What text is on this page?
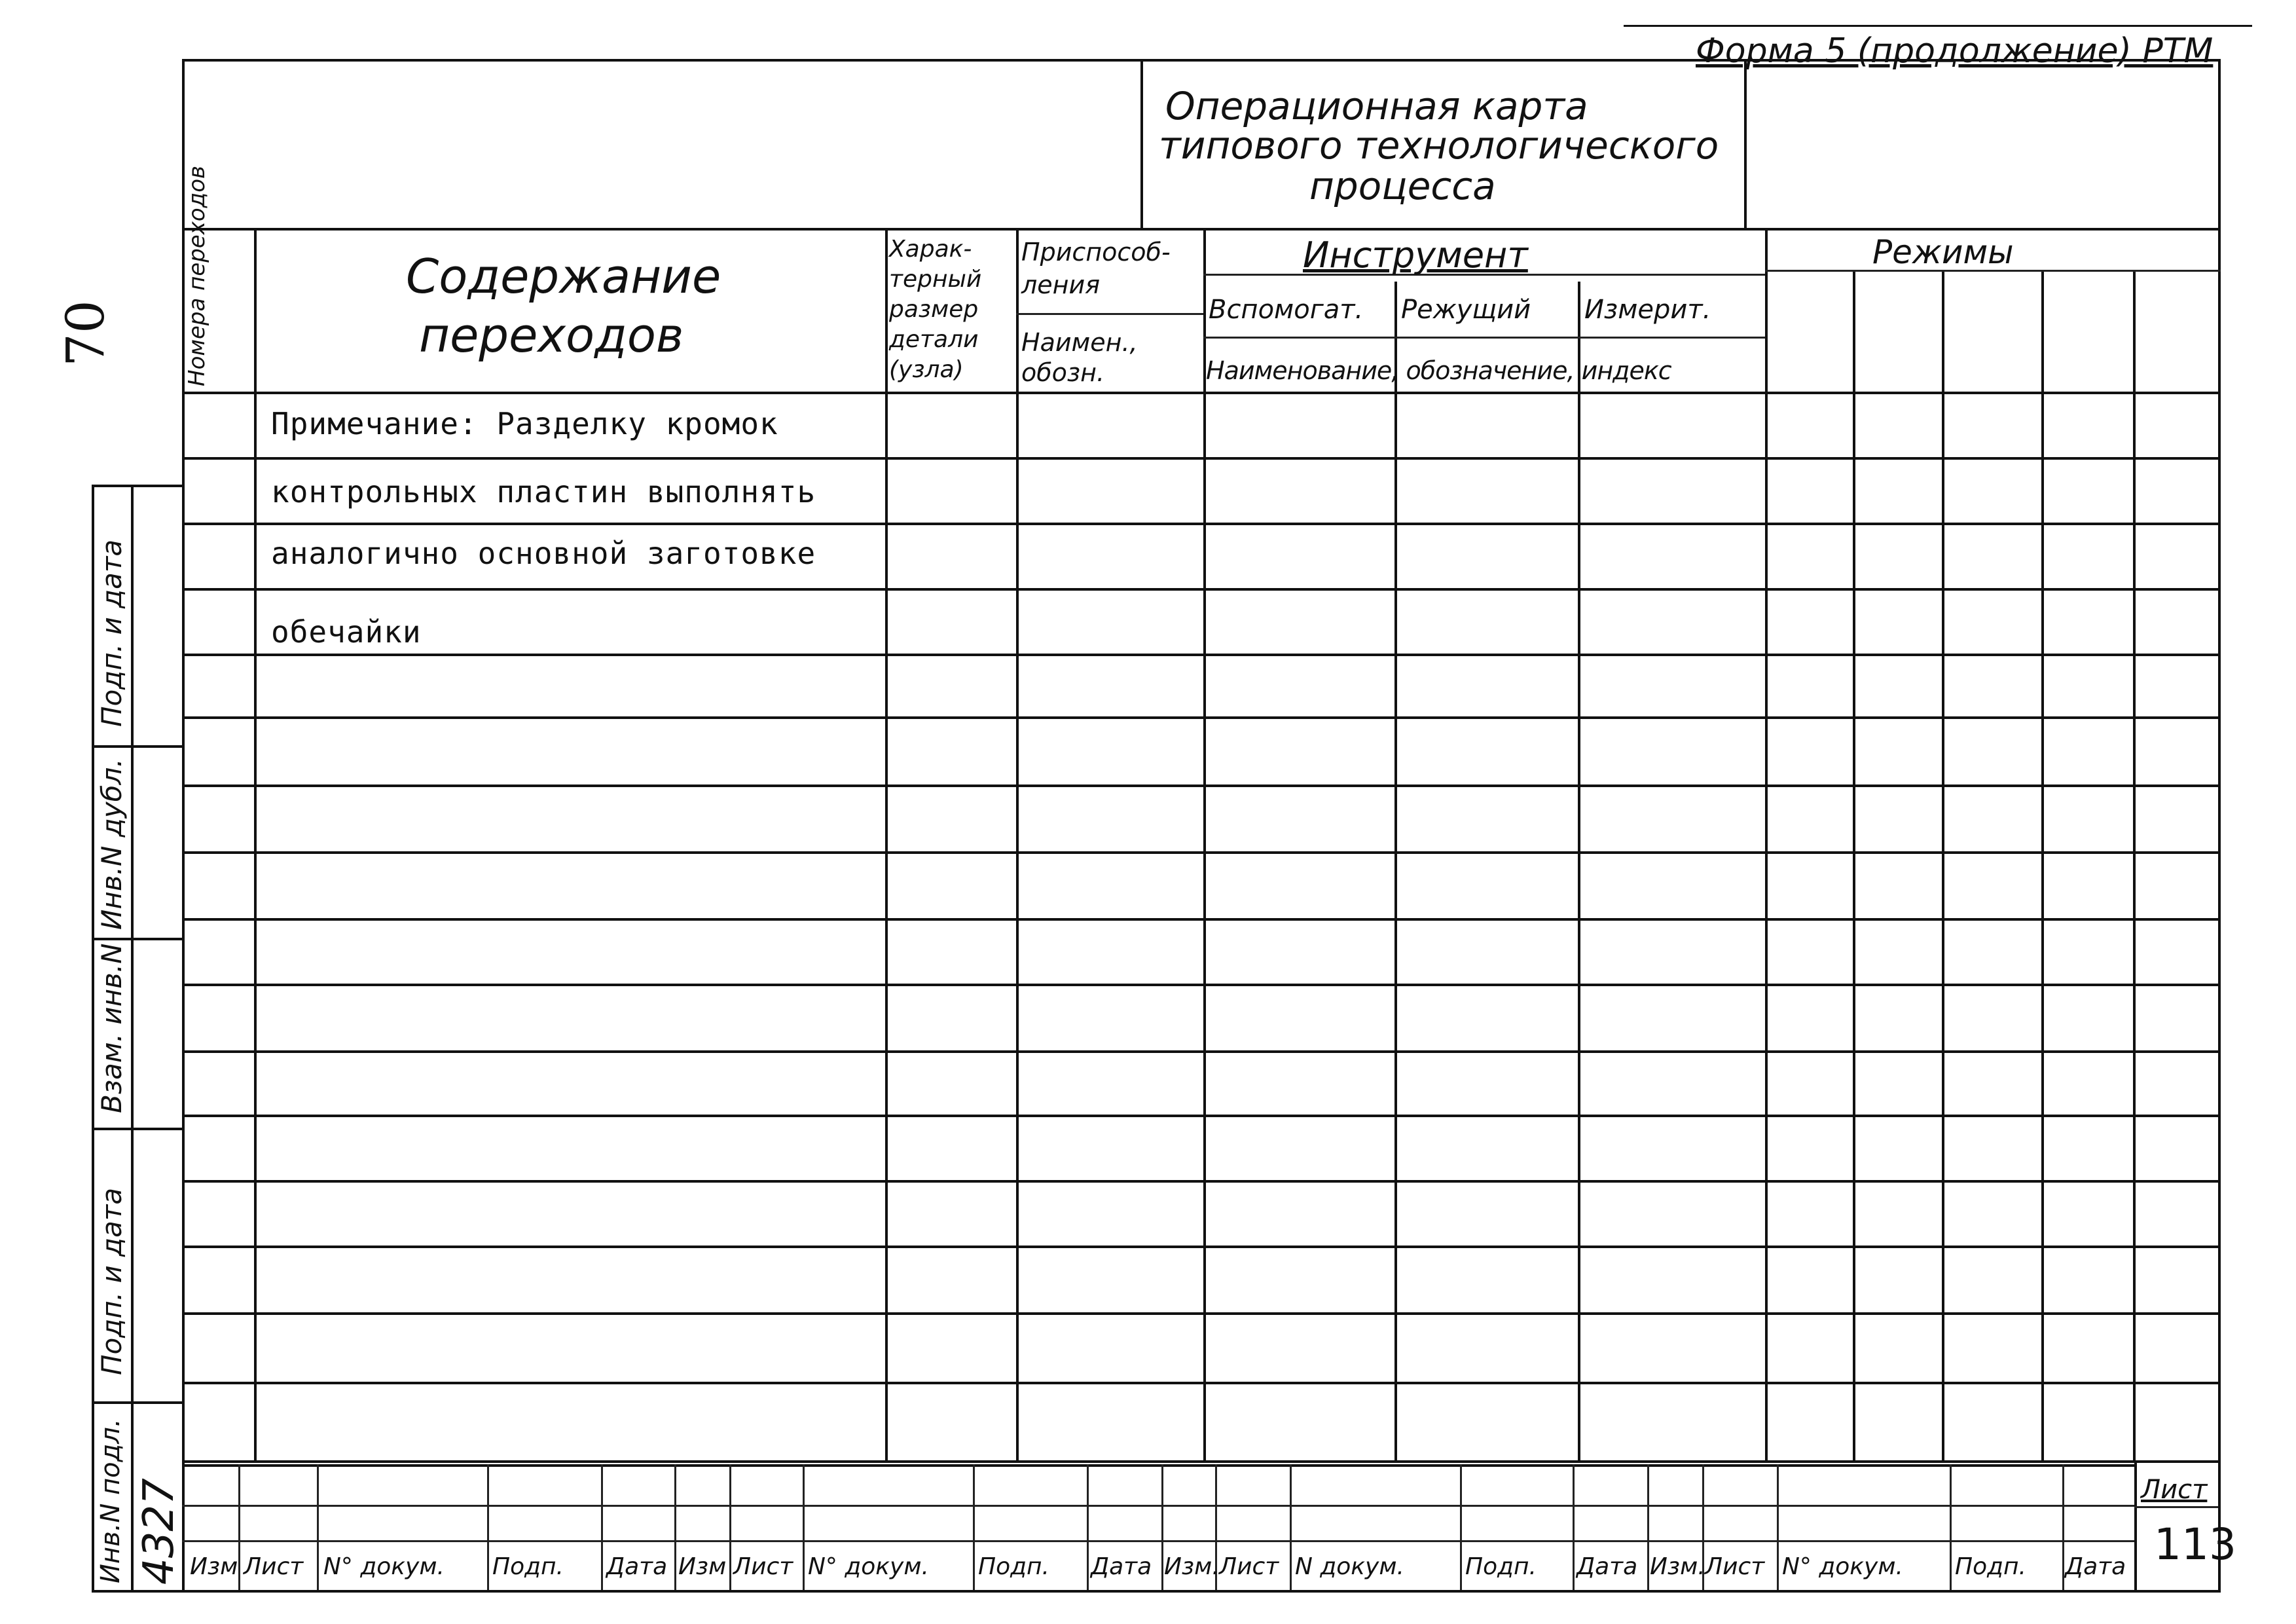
Форма 5 (продолжение) РТМ
Операционная карта
типового технологического
процесса
Номера переходов	Содержание
переходов
Харак-
терный
размер
детали
(узла)
Приспособ-
ления
Наимен.,
обозн.
Инструмент
Вспомогат. Режущий Измерит.
Наименование, обозначение, индекс
Режимы
Примечание: Разделку кромок
контрольных пластин выполнять
аналогично основной заготовке
обечайки
Подп. и дата
Инв.N дубл.
Взам. инв.N
Подп. и дата
Инв.N подл. 4327
70
Изм Лист N° докум. Подп. Дата Изм Лист N° докум. Подп. Дата Изм. Лист N докум.	Подп. Дата Изм. Лист N° докум. Подп. Дата
Лист
113
